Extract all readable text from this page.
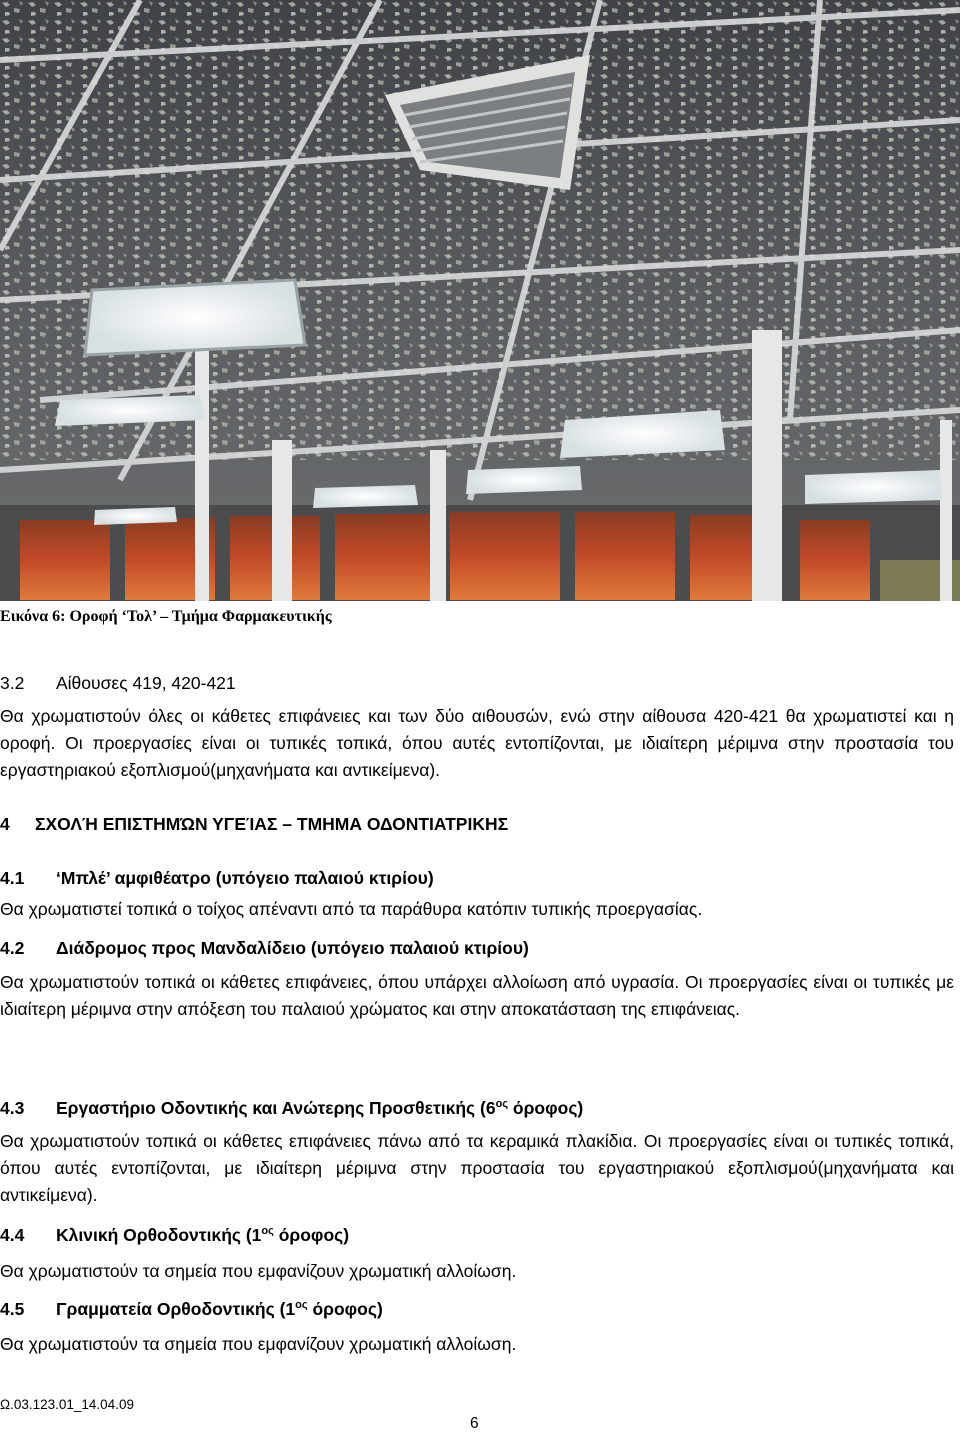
Εικόνα 6: Οροφή ‘Τολ’ – Τμήμα Φαρμακευτικής
3.2 Αίθουσες 419, 420-421

Θα χρωματιστούν όλες οι κάθετες επιφάνειες και των δύο αιθουσών, ενώ στην αίθουσα 420-421 θα χρωματιστεί και η οροφή. Οι προεργασίες είναι οι τυπικές τοπικά, όπου αυτές εντοπίζονται, με ιδιαίτερη μέριμνα στην προστασία του εργαστηριακού εξοπλισμού(μηχανήματα και αντικείμενα).

4 ΣΧΟΛΉ ΕΠΙΣΤΗΜΏΝ ΥΓΕΊΑΣ – ΤΜΗΜΑ ΟΔΟΝΤΙΑΤΡΙΚΗΣ
4.1 ‘Μπλέ’ αμφιθέατρο (υπόγειο παλαιού κτιρίου)

Θα χρωματιστεί τοπικά ο τοίχος απέναντι από τα παράθυρα κατόπιν τυπικής προεργασίας.

4.2 Διάδρομος προς Μανδαλίδειο (υπόγειο παλαιού κτιρίου)

Θα χρωματιστούν τοπικά οι κάθετες επιφάνειες, όπου υπάρχει αλλοίωση από υγρασία. Οι προεργασίες είναι οι τυπικές με ιδιαίτερη μέριμνα στην απόξεση του παλαιού χρώματος και στην αποκατάσταση της επιφάνειας.

4.3 Εργαστήριο Οδοντικής και Ανώτερης Προσθετικής ($6^{o\varsigma}$ όροφος)

Θα χρωματιστούν τοπικά οι κάθετες επιφάνειες πάνω από τα κεραμικά πλακίδια. Οι προεργασίες είναι οι τυπικές τοπικά, όπου αυτές εντοπίζονται, με ιδιαίτερη μέριμνα στην προστασία του εργαστηριακού εξοπλισμού(μηχανήματα και αντικείμενα).

4.4 Κλινική Ορθοδοντικής ($1^{o\varsigma}$ όροφος)

Θα χρωματιστούν τα σημεία που εμφανίζουν χρωματική αλλοίωση.

4.5 Γραμματεία Ορθοδοντικής ($1^{o\varsigma}$ όροφος)

Θα χρωματιστούν τα σημεία που εμφανίζουν χρωματική αλλοίωση.

Ω.03.123.01_14.04.09
6
